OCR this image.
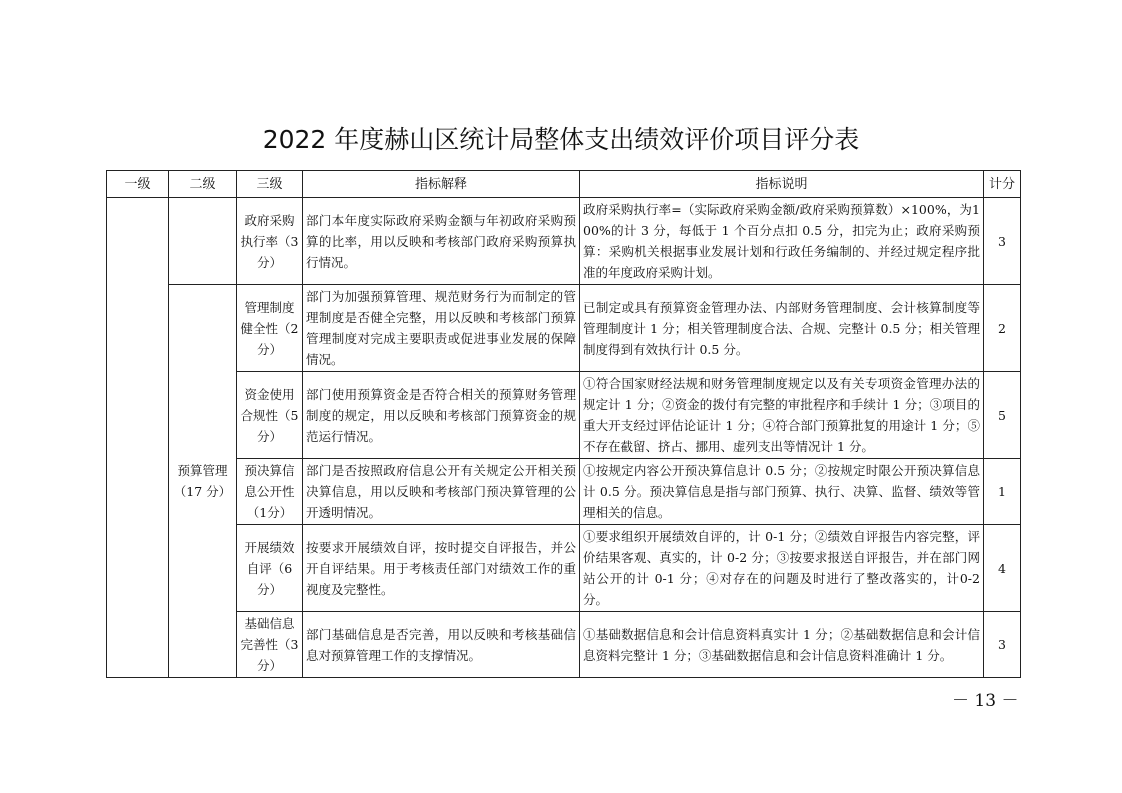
2022 年度赫山区统计局整体支出绩效评价项目评分表
一级	二级	三级	指标解释	指标说明	计分
		政府采购执行率（3分）	部门本年度实际政府采购金额与年初政府采购预算的比率，用以反映和考核部门政府采购预算执行情况。	政府采购执行率=（实际政府采购金额/政府采购预算数）×100%，为100%的计 3 分，每低于 1 个百分点扣 0.5 分，扣完为止；政府采购预算：采购机关根据事业发展计划和行政任务编制的、并经过规定程序批准的年度政府采购计划。	3
	预算管理（17 分）	管理制度健全性（2分）	部门为加强预算管理、规范财务行为而制定的管理制度是否健全完整，用以反映和考核部门预算管理制度对完成主要职责或促进事业发展的保障情况。	已制定或具有预算资金管理办法、内部财务管理制度、会计核算制度等管理制度计 1 分；相关管理制度合法、合规、完整计 0.5 分；相关管理制度得到有效执行计 0.5 分。	2
		资金使用合规性（5分）	部门使用预算资金是否符合相关的预算财务管理制度的规定，用以反映和考核部门预算资金的规范运行情况。	①符合国家财经法规和财务管理制度规定以及有关专项资金管理办法的规定计 1 分；②资金的拨付有完整的审批程序和手续计 1 分；③项目的重大开支经过评估论证计 1 分；④符合部门预算批复的用途计 1 分；⑤不存在截留、挤占、挪用、虚列支出等情况计 1 分。	5
		预决算信息公开性（1分）	部门是否按照政府信息公开有关规定公开相关预决算信息，用以反映和考核部门预决算管理的公开透明情况。	①按规定内容公开预决算信息计 0.5 分；②按规定时限公开预决算信息计 0.5 分。预决算信息是指与部门预算、执行、决算、监督、绩效等管理相关的信息。	1
		开展绩效自评（6分）	按要求开展绩效自评，按时提交自评报告，并公开自评结果。用于考核责任部门对绩效工作的重视度及完整性。	①要求组织开展绩效自评的，计 0-1 分；②绩效自评报告内容完整，评价结果客观、真实的，计 0-2 分；③按要求报送自评报告，并在部门网站公开的计 0-1 分；④对存在的问题及时进行了整改落实的，计0-2 分。	4
		基础信息完善性（3分）	部门基础信息是否完善，用以反映和考核基础信息对预算管理工作的支撑情况。	①基础数据信息和会计信息资料真实计 1 分；②基础数据信息和会计信息资料完整计 1 分；③基础数据信息和会计信息资料准确计 1 分。	3
－ 13 －
